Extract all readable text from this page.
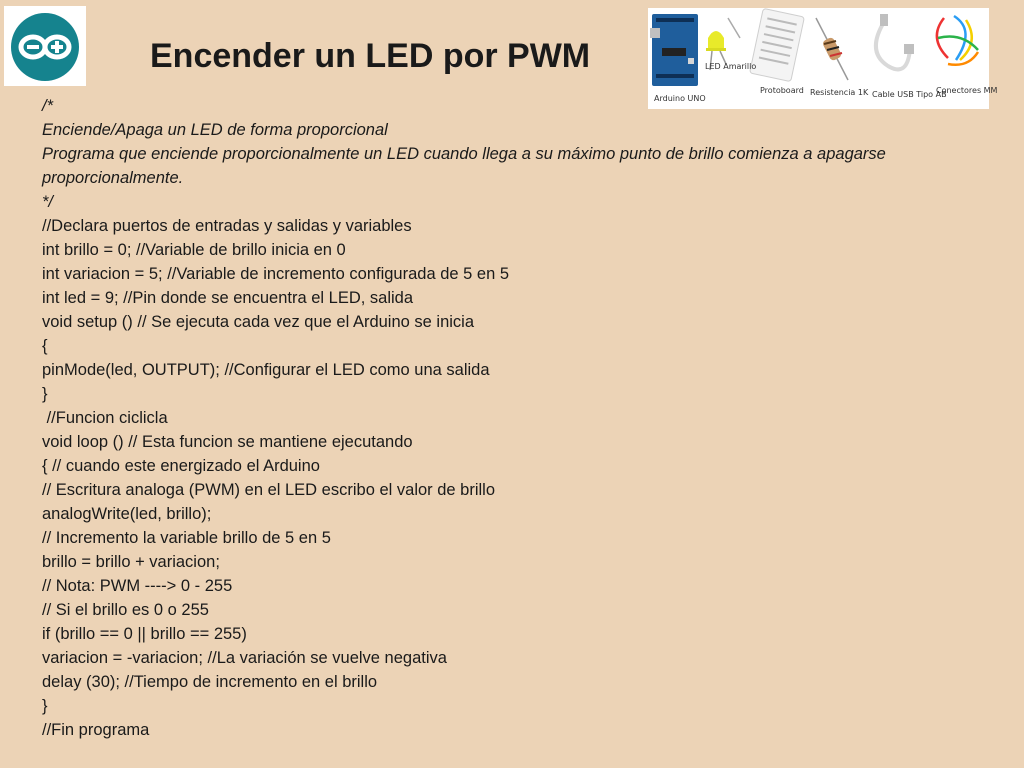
Encender un LED por PWM
Arduino UNO
LED Amarillo
Protoboard Resistencia 1K Cable USB Tipo AB
Conectores MM
/*
Enciende/Apaga un LED de forma proporcional
Programa que enciende proporcionalmente un LED cuando llega a su máximo punto de brillo comienza a apagarse proporcionalmente.
*/
//Declara puertos de entradas y salidas y variables
int brillo = 0; //Variable de brillo inicia en 0
int variacion = 5; //Variable de incremento configurada de 5 en 5
int led = 9; //Pin donde se encuentra el LED, salida
void setup () // Se ejecuta cada vez que el Arduino se inicia
{
pinMode(led, OUTPUT); //Configurar el LED como una salida
}
//Funcion ciclicla
void loop () // Esta funcion se mantiene ejecutando
{ // cuando este energizado el Arduino
// Escritura analoga (PWM) en el LED escribo el valor de brillo
analogWrite(led, brillo);
// Incremento la variable brillo de 5 en 5
brillo = brillo + variacion;
// Nota: PWM ----> 0 - 255
// Si el brillo es 0 o 255
if (brillo == 0 || brillo == 255)
variacion = -variacion; //La variación se vuelve negativa
delay (30); //Tiempo de incremento en el brillo
}
//Fin programa
